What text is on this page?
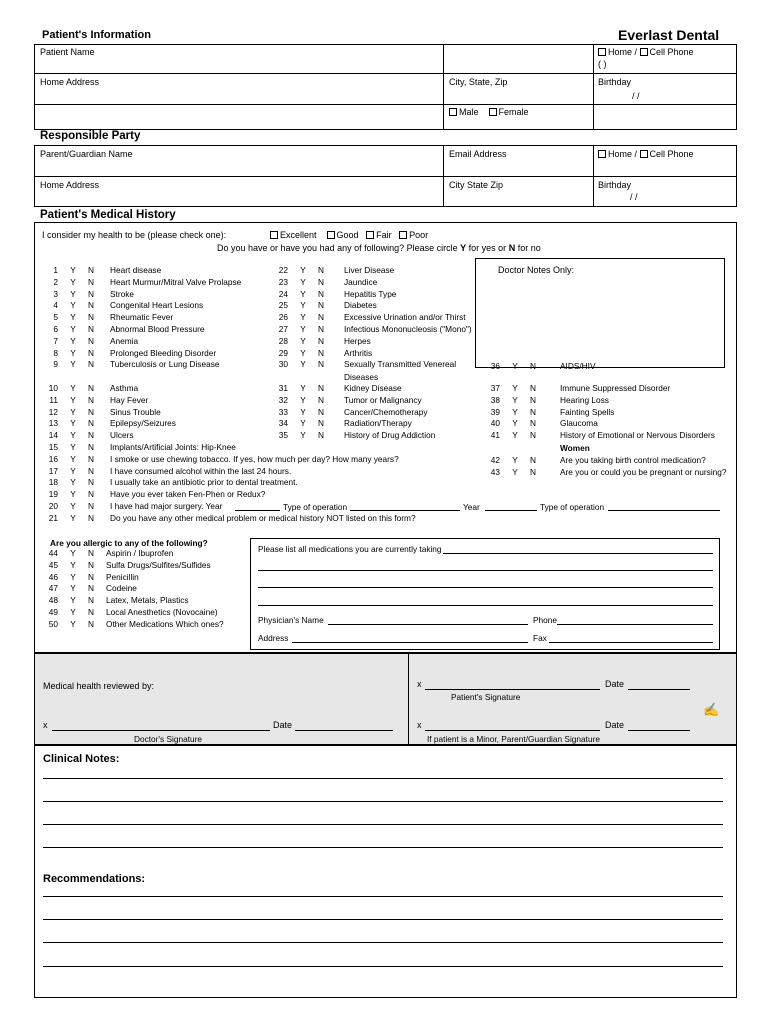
Patient's Information	Everlast Dental
Patient Name	Home / Cell Phone
( )
Home Address	City, State, Zip	Birthday
/ /
Male Female
Responsible Party
Parent/Guardian Name	Email Address	Home / Cell Phone
Home Address	City State Zip	Birthday
/ /
Patient's Medical History
I consider my health to be (please check one):	Excellent Good Fair Poor
Do you have or have you had any of following? Please circle Y for yes or N for no
Doctor Notes Only:
1 Y N Heart disease
2 Y N Heart Murmur/Mitral Valve Prolapse
3 Y N Stroke
4 Y N Congenital Heart Lesions
5 Y N Rheumatic Fever
6 Y N Abnormal Blood Pressure
7 Y N Anemia
8 Y N Prolonged Bleeding Disorder
9 Y N Tuberculosis or Lung Disease
10 Y N Asthma
11 Y N Hay Fever
12 Y N Sinus Trouble
13 Y N Epilepsy/Seizures
14 Y N Ulcers
15 Y N Implants/Artificial Joints: Hip-Knee
16 Y N I smoke or use chewing tobacco. If yes, how much per day? How many years?
17 Y N I have consumed alcohol within the last 24 hours.
18 Y N I usually take an antibiotic prior to dental treatment.
19 Y N Have you ever taken Fen-Phen or Redux?
20 Y N I have had major surgery. Year
21 Y N Do you have any other medical problem or medical history NOT listed on this form?
22 Y N Liver Disease
23 Y N Jaundice
24 Y N Hepatitis Type
25 Y N Diabetes
26 Y N Excessive Urination and/or Thirst
27 Y N Infectious Mononucleosis ("Mono")
28 Y N Herpes
29 Y N Arthritis
30 Y N Sexually Transmitted Venereal
Diseases
31 Y N Kidney Disease
32 Y N Tumor or Malignancy
33 Y N Cancer/Chemotherapy
34 Y N Radiation/Therapy
35 Y N History of Drug Addiction
36 Y N	AIDS/HIV
37 Y N	Immune Suppressed Disorder
38 Y N	Hearing Loss
39 Y N	Fainting Spells
40 Y N	Glaucoma
41 Y N	History of Emotional or Nervous Disorders
Women
42 Y N	Are you taking birth control medication?
43 Y N	Are you or could you be pregnant or nursing?
Type of operation	Year	Type of operation
Are you allergic to any of the following?
44 Y N Aspirin / Ibuprofen
45 Y N Sulfa Drugs/Sulfites/Sulfides
46 Y N Penicillin
47 Y N Codeine
48 Y N Latex, Metals, Plastics
49 Y N Local Anesthetics (Novocaine)
50 Y N Other Medications Which ones?
Please list all medications you are currently taking
Physician's Name	Phone
Address	Fax
Medical health reviewed by:	x	Date
Patient's Signature
✍
x	Date
Doctor's Signature
x	Date
If patient is a Minor, Parent/Guardian Signature
Clinical Notes:
Recommendations:
